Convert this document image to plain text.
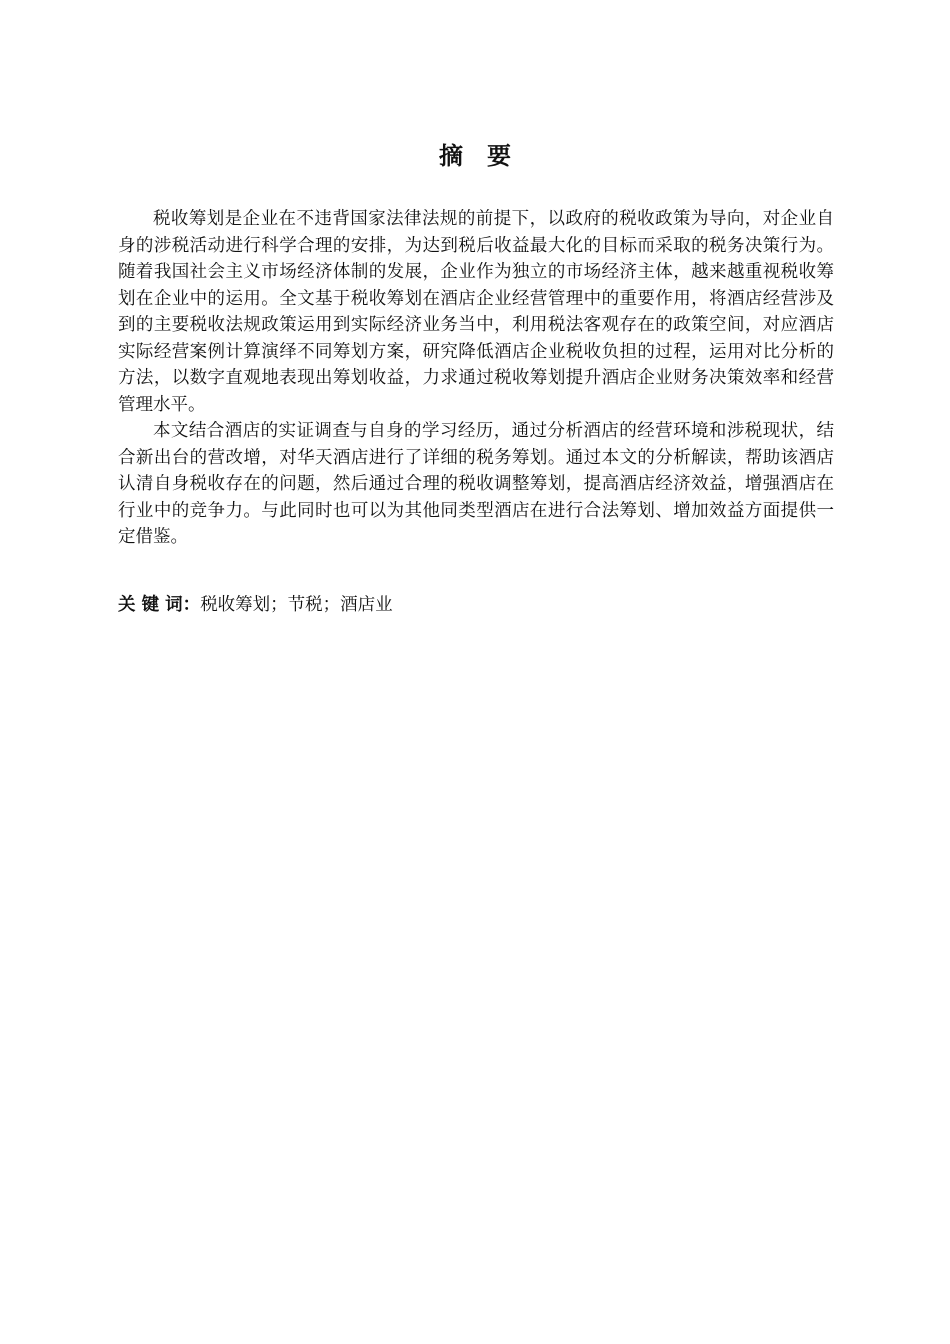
摘　要

税收筹划是企业在不违背国家法律法规的前提下，以政府的税收政策为导向，对企业自身的涉税活动进行科学合理的安排，为达到税后收益最大化的目标而采取的税务决策行为。随着我国社会主义市场经济体制的发展，企业作为独立的市场经济主体，越来越重视税收筹划在企业中的运用。全文基于税收筹划在酒店企业经营管理中的重要作用，将酒店经营涉及到的主要税收法规政策运用到实际经济业务当中，利用税法客观存在的政策空间，对应酒店实际经营案例计算演绎不同筹划方案，研究降低酒店企业税收负担的过程，运用对比分析的方法，以数字直观地表现出筹划收益，力求通过税收筹划提升酒店企业财务决策效率和经营管理水平。

本文结合酒店的实证调查与自身的学习经历，通过分析酒店的经营环境和涉税现状，结合新出台的营改增，对华天酒店进行了详细的税务筹划。通过本文的分析解读，帮助该酒店认清自身税收存在的问题，然后通过合理的税收调整筹划，提高酒店经济效益，增强酒店在行业中的竞争力。与此同时也可以为其他同类型酒店在进行合法筹划、增加效益方面提供一定借鉴。

关 键 词：税收筹划；节税；酒店业
